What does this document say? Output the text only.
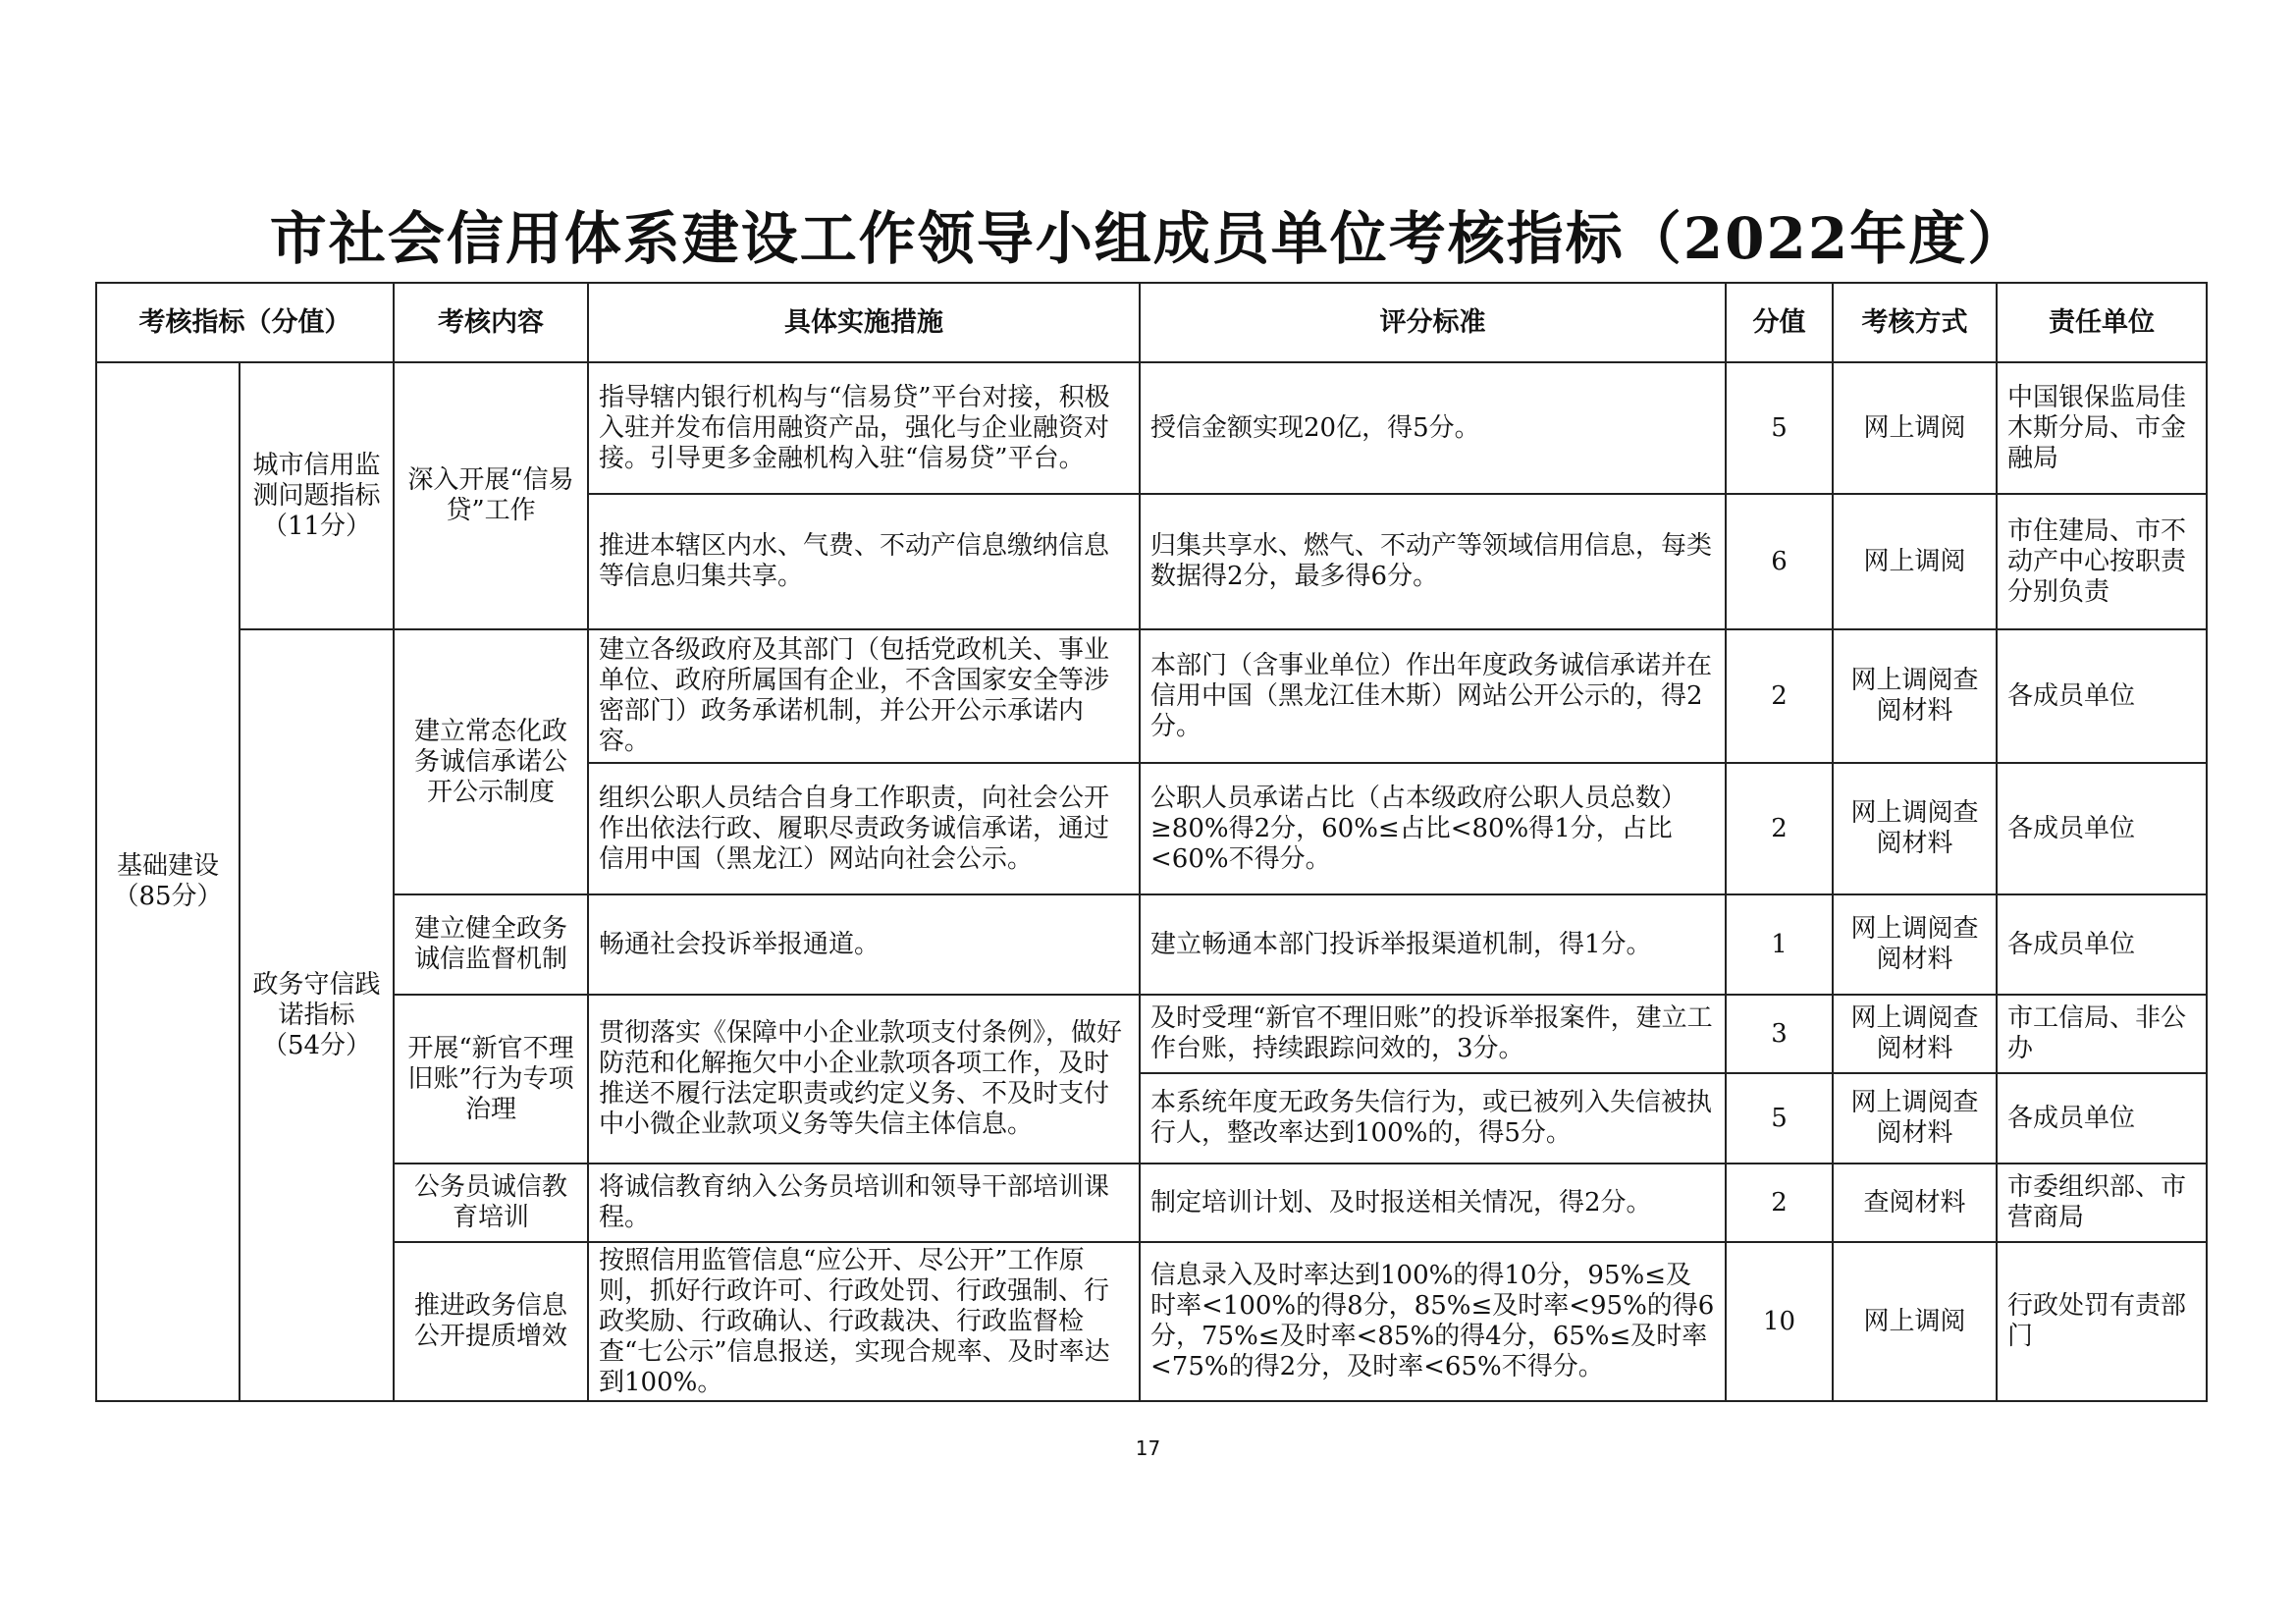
市社会信用体系建设工作领导小组成员单位考核指标（2022年度）
考核指标（分值）		考核内容	具体实施措施	评分标准	分值	考核方式	责任单位
基础建设（85分）	城市信用监测问题指标（11分）	深入开展“信易贷”工作	指导辖内银行机构与“信易贷”平台对接，积极入驻并发布信用融资产品，强化与企业融资对接。引导更多金融机构入驻“信易贷”平台。	授信金额实现20亿，得5分。	5	网上调阅	中国银保监局佳木斯分局、市金融局
			推进本辖区内水、气费、不动产信息缴纳信息等信息归集共享。	归集共享水、燃气、不动产等领域信用信息，每类数据得2分，最多得6分。	6	网上调阅	市住建局、市不动产中心按职责分别负责
	政务守信践诺指标（54分）	建立常态化政务诚信承诺公开公示制度	建立各级政府及其部门（包括党政机关、事业单位、政府所属国有企业，不含国家安全等涉密部门）政务承诺机制，并公开公示承诺内容。	本部门（含事业单位）作出年度政务诚信承诺并在信用中国（黑龙江佳木斯）网站公开公示的，得2分。	2	网上调阅查阅材料	各成员单位
			组织公职人员结合自身工作职责，向社会公开作出依法行政、履职尽责政务诚信承诺，通过信用中国（黑龙江）网站向社会公示。	公职人员承诺占比（占本级政府公职人员总数）≥80%得2分，60%≤占比<80%得1分，占比<60%不得分。	2	网上调阅查阅材料	各成员单位
		建立健全政务诚信监督机制	畅通社会投诉举报通道。	建立畅通本部门投诉举报渠道机制，得1分。	1	网上调阅查阅材料	各成员单位
		开展“新官不理旧账”行为专项治理	贯彻落实《保障中小企业款项支付条例》，做好防范和化解拖欠中小企业款项各项工作，及时推送不履行法定职责或约定义务、不及时支付中小微企业款项义务等失信主体信息。	及时受理“新官不理旧账”的投诉举报案件，建立工作台账，持续跟踪问效的，3分。	3	网上调阅查阅材料	市工信局、非公办
				本系统年度无政务失信行为，或已被列入失信被执行人，整改率达到100%的，得5分。	5	网上调阅查阅材料	各成员单位
		公务员诚信教育培训	将诚信教育纳入公务员培训和领导干部培训课程。	制定培训计划、及时报送相关情况，得2分。	2	查阅材料	市委组织部、市营商局
		推进政务信息公开提质增效	按照信用监管信息“应公开、尽公开”工作原则，抓好行政许可、行政处罚、行政强制、行政奖励、行政确认、行政裁决、行政监督检查“七公示”信息报送，实现合规率、及时率达到100%。	信息录入及时率达到100%的得10分，95%≤及时率<100%的得8分，85%≤及时率<95%的得6分，75%≤及时率<85%的得4分，65%≤及时率<75%的得2分，及时率<65%不得分。	10	网上调阅	行政处罚有责部门
17
